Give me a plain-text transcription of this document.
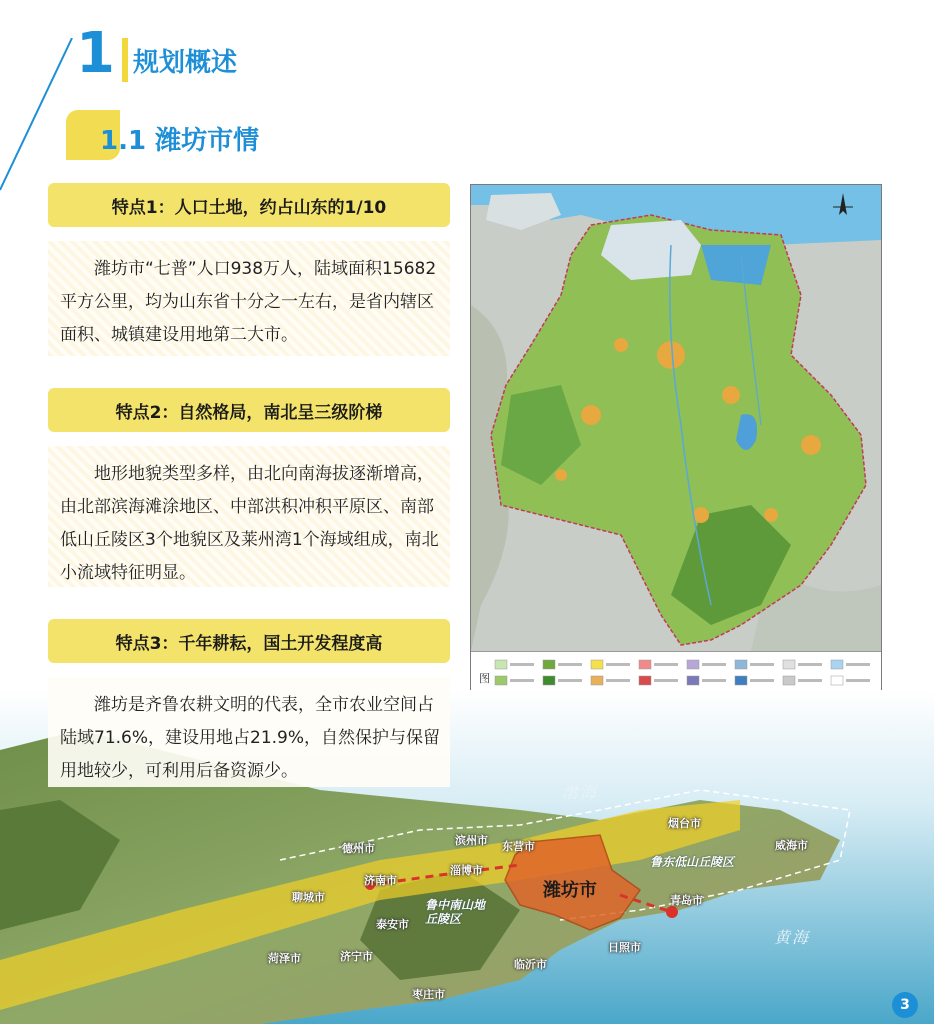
1 规划概述
1.1 潍坊市情
特点1：人口土地，约占山东的1/10
潍坊市“七普”人口938万人，陆域面积15682平方公里，均为山东省十分之一左右，是省内辖区面积、城镇建设用地第二大市。
特点2：自然格局，南北呈三级阶梯
地形地貌类型多样，由北向南海拔逐渐增高，由北部滨海滩涂地区、中部洪积冲积平原区、南部低山丘陵区3个地貌区及莱州湾1个海域组成，南北小流域特征明显。
图
渤海
黄海
潍坊市
鲁东低山丘陵区
鲁中南山地丘陵区
烟台市
威海市
滨州市 东营市
德州市
淄博市
济南市
聊城市
泰安市
青岛市
菏泽市	济宁市
日照市
临沂市
枣庄市
特点3：千年耕耘，国土开发程度高
潍坊是齐鲁农耕文明的代表，全市农业空间占陆域71.6%，建设用地占21.9%，自然保护与保留用地较少，可利用后备资源少。
3
